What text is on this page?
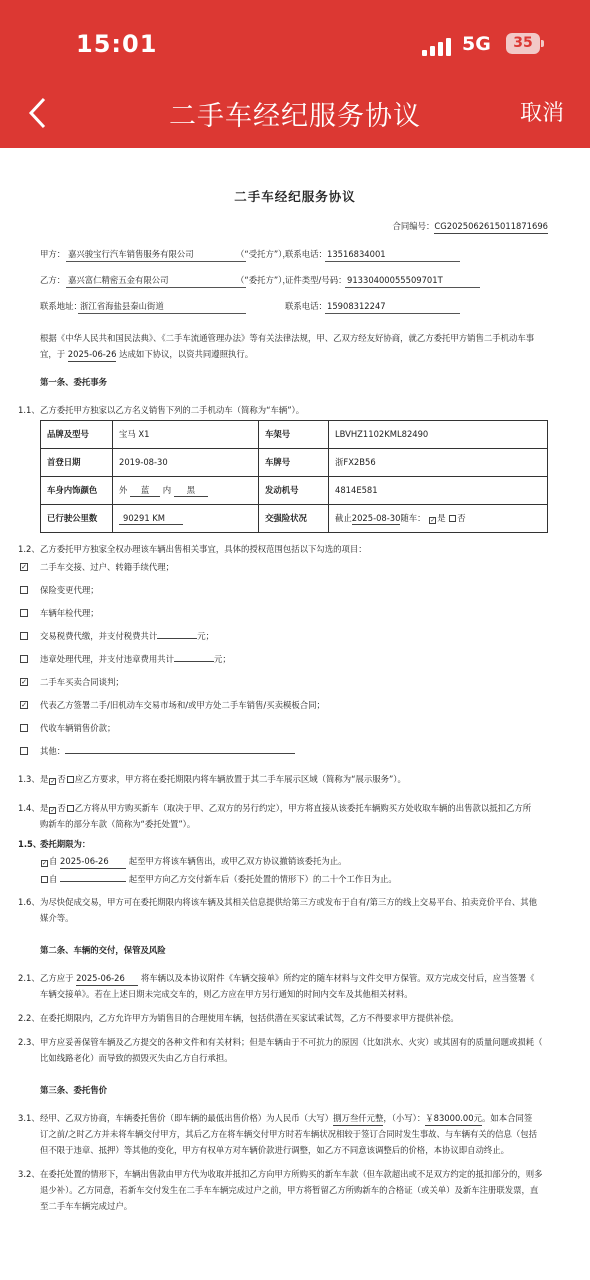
15:01	5G	35
二手车经纪服务协议	取消
二手车经纪服务协议
合同编号：CG2025062615011871696
甲方： 嘉兴骏宝行汽车销售服务有限公司	（“受托方”），
联系电话： 13516834001
乙方： 嘉兴富仁精密五金有限公司	（“委托方”），
证件类型/号码： 91330400055509701T
联系地址：
浙江省海盐县秦山街道	联系电话： 15908312247
根据《中华人民共和国民法典》、《二手车流通管理办法》等有关法律法规，甲、乙双方经友好协商，就乙方委托甲方销售二手机动车事
宜，于 2025-06-26 达成如下协议，以资共同遵照执行。
第一条、委托事务
1.1、 乙方委托甲方独家以乙方名义销售下列的二手机动车（简称为“车辆”）。
品牌及型号	宝马 X1	车架号	LBVHZ1102KML82490
首登日期	2019-08-30	车牌号	浙FX2B56
车身内饰颜色	外 蓝 内 黑	发动机号	4814E581
已行驶公里数	90291 KM	交强险状况	截止2025-08-30随车： ✓ 是 否
1.2、 乙方委托甲方独家全权办理该车辆出售相关事宜，具体的授权范围包括以下勾选的项目：
✓ 二手车交接、过户、转籍手续代理；
保险变更代理；
车辆年检代理；
交易税费代缴，并支付税费共计	元；
违章处理代理，并支付违章费用共计	元；
✓ 二手车买卖合同谈判；
✓ 代表乙方签署二手/旧机动车交易市场和/或甲方处二手车销售/买卖模板合同；
代收车辆销售价款；
其他：
1.3、 是 ✓ 否 应乙方要求，甲方将在委托期限内将车辆放置于其二手车展示区域（简称为“展示服务”）。
1.4、 是 ✓ 否 乙方将从甲方购买新车（取决于甲、乙双方的另行约定），甲方将直接从该委托车辆购买方处收取车辆的出售款以抵扣乙方所
购新车的部分车款（简称为“委托处置”）。
1.5、
委托期限为：
✓ 自 2025-06-26 起至甲方将该车辆售出，或甲乙双方协议撤销该委托为止。
自	起至甲方向乙方交付新车后（委托处置的情形下）的二十个工作日为止。
1.6、 为尽快促成交易，甲方可在委托期限内将该车辆及其相关信息提供给第三方或发布于自有/第三方的线上交易平台、拍卖竞价平台、其他
媒介等。
第二条、车辆的交付，保管及风险
2.1、 乙方应于 2025-06-26 将车辆以及本协议附件《车辆交接单》所约定的随车材料与文件交甲方保管。双方完成交付后，应当签署《
车辆交接单》。若在上述日期未完成交车的，则乙方应在甲方另行通知的时间内交车及其他相关材料。
2.2、 在委托期限内，乙方允许甲方为销售目的合理使用车辆，包括供潜在买家试乘试驾，乙方不得要求甲方提供补偿。
2.3、 甲方应妥善保管车辆及乙方提交的各种文件和有关材料；但是车辆由于不可抗力的原因（比如洪水、火灾）或其固有的质量问题或损耗（
比如线路老化）而导致的损毁灭失由乙方自行承担。
第三条、委托售价
3.1、 经甲、乙双方协商，车辆委托售价（即车辆的最低出售价格）为人民币（大写）捌万叁仟元整，（小写）：￥83000.00元。如本合同签
订之前/之时乙方并未将车辆交付甲方，其后乙方在将车辆交付甲方时若车辆状况相较于签订合同时发生事故、与车辆有关的信息（包括
但不限于违章、抵押）等其他的变化，甲方有权单方对车辆价款进行调整，如乙方不同意该调整后的价格，本协议即自动终止。
3.2、 在委托处置的情形下，车辆出售款由甲方代为收取并抵扣乙方向甲方所购买的新车车款（但车款超出或不足双方约定的抵扣部分的，则多
退少补）。乙方同意，若新车交付发生在二手车车辆完成过户之前，甲方将暂留乙方所购新车的合格证（或关单）及新车注册联发票，直
至二手车车辆完成过户。
